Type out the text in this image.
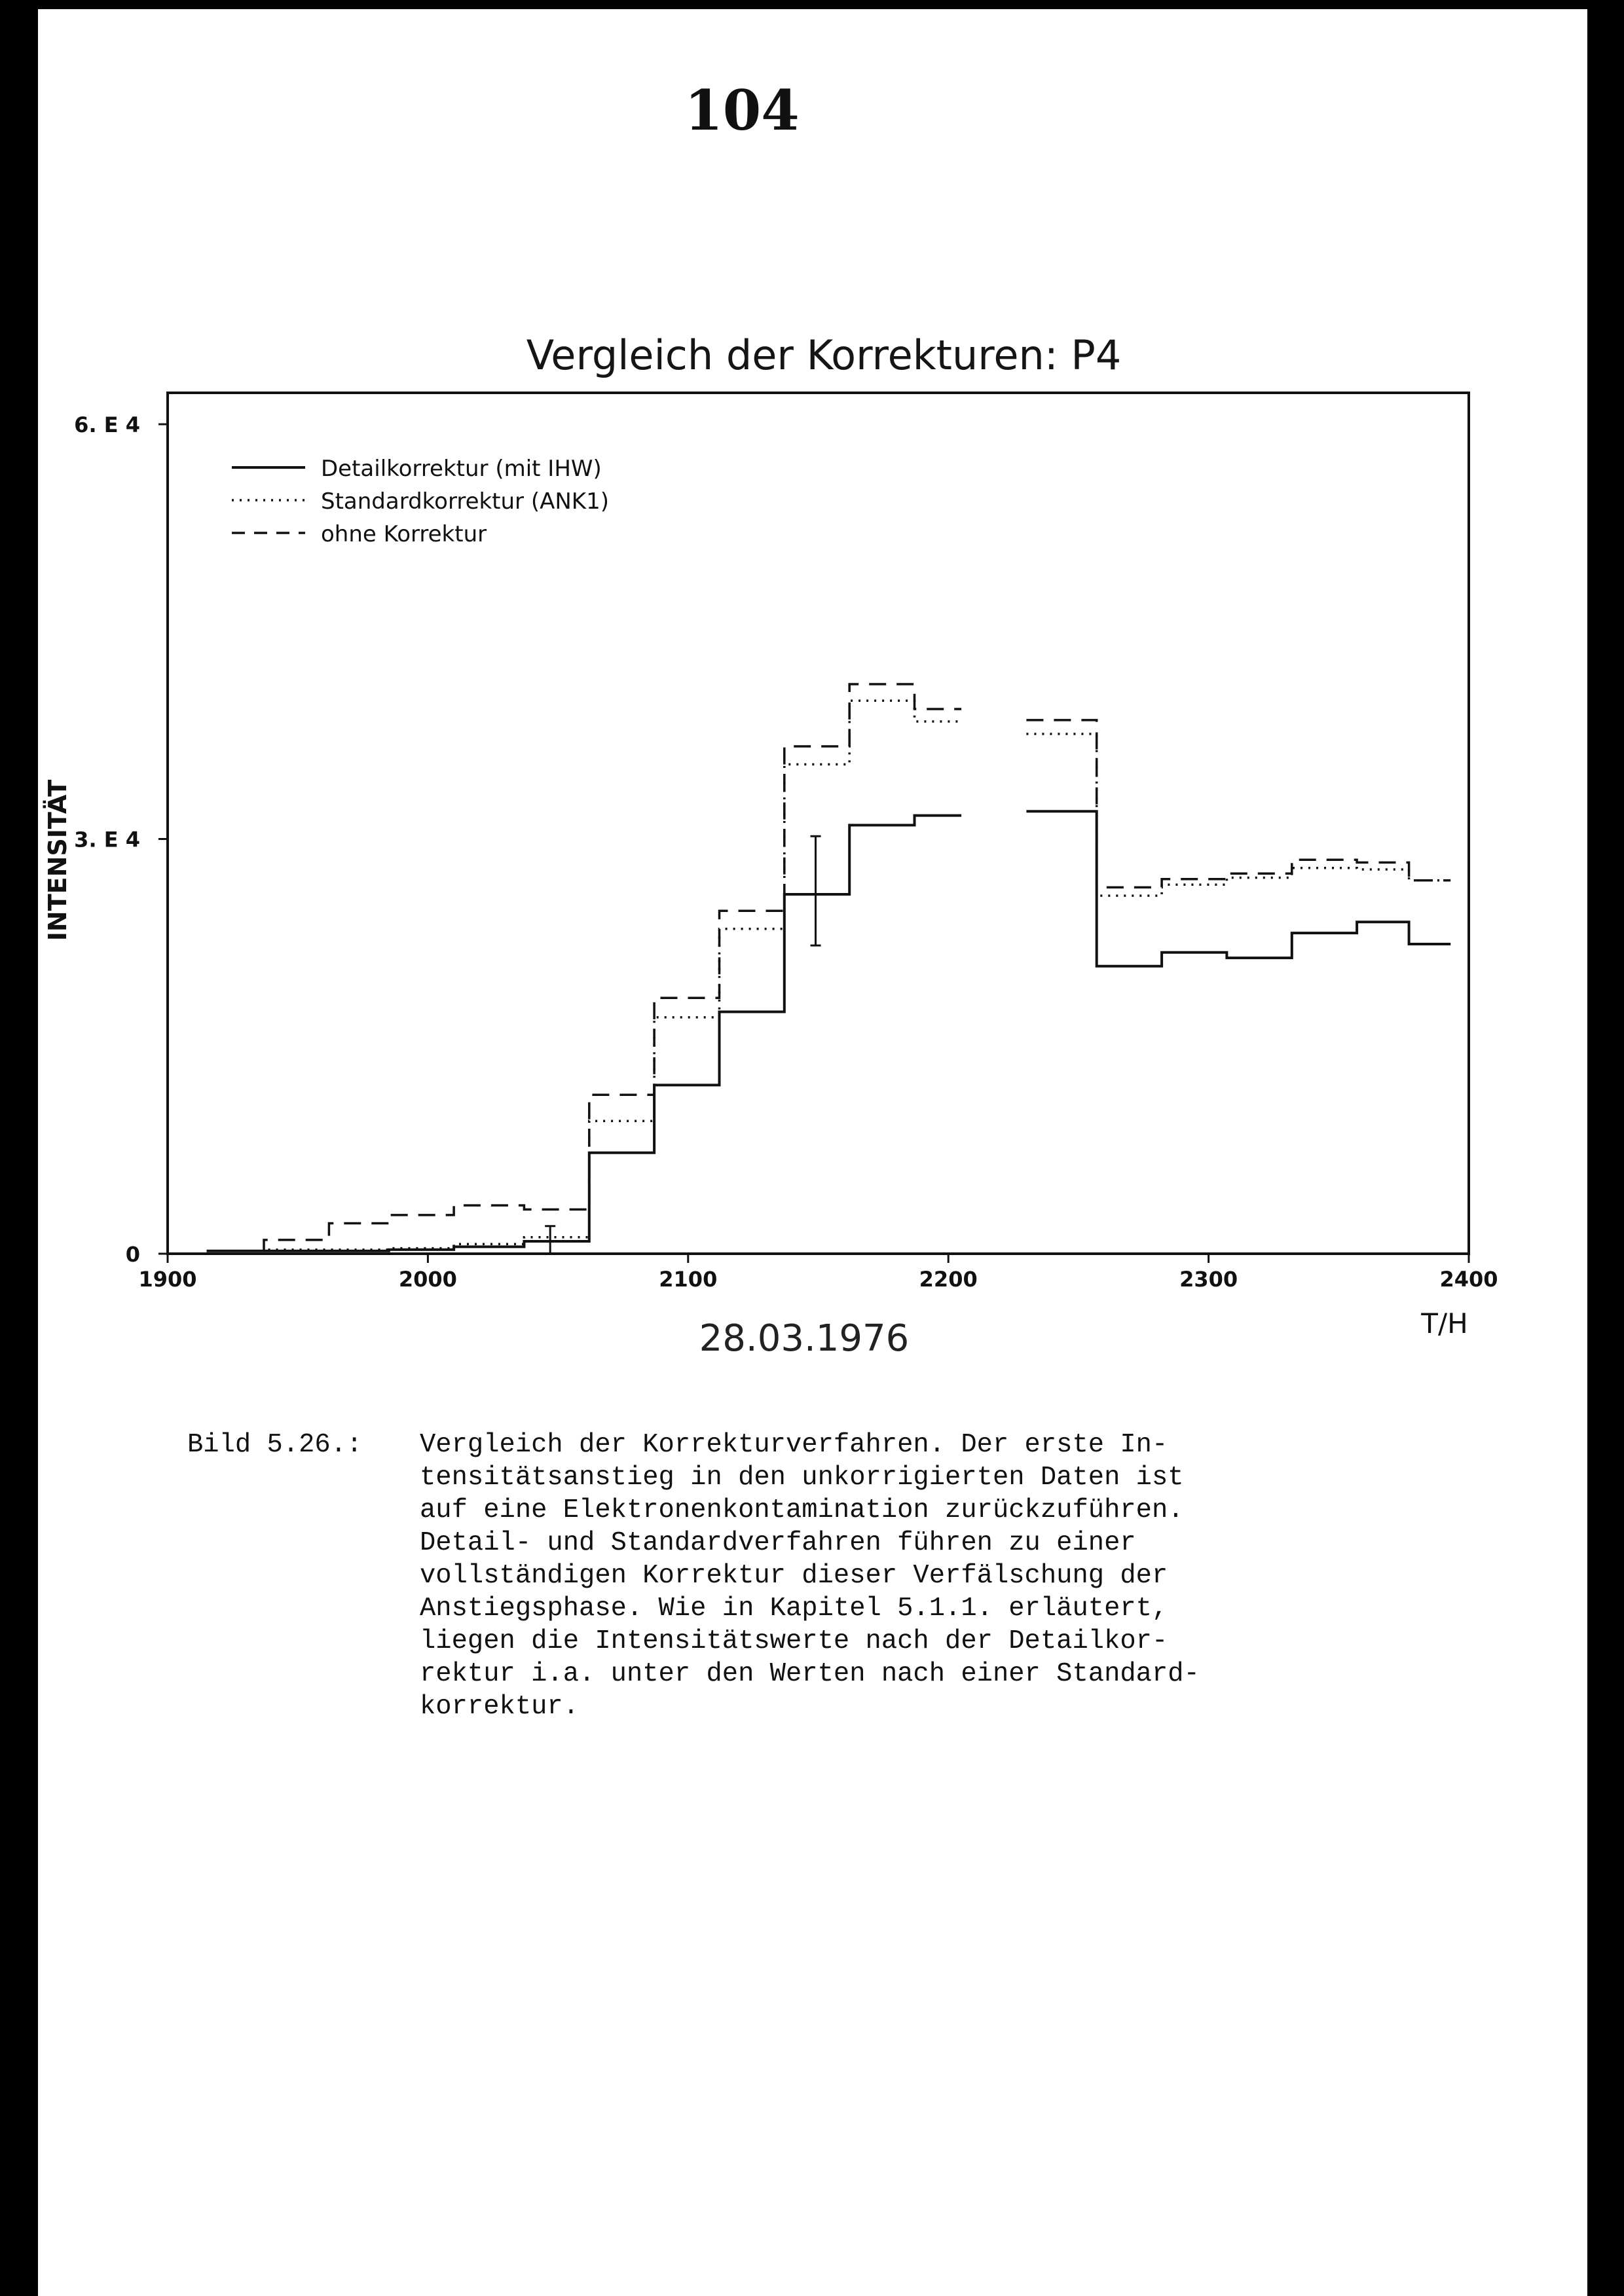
104
Vergleich der Korrekturen: P4
1900	2000	2100	2200	2300	2400
0
3. E 4
6. E 4
Detailkorrektur (mit IHW)
Standardkorrektur (ANK1)
ohne Korrektur
T/H
INTENSITÄT
28.03.1976
Bild 5.26.: Vergleich der Korrekturverfahren. Der erste In-
tensitätsanstieg in den unkorrigierten Daten ist
auf eine Elektronenkontamination zurückzuführen.
Detail- und Standardverfahren führen zu einer
vollständigen Korrektur dieser Verfälschung der
Anstiegsphase. Wie in Kapitel 5.1.1. erläutert,
liegen die Intensitätswerte nach der Detailkor-
rektur i.a. unter den Werten nach einer Standard-
korrektur.
